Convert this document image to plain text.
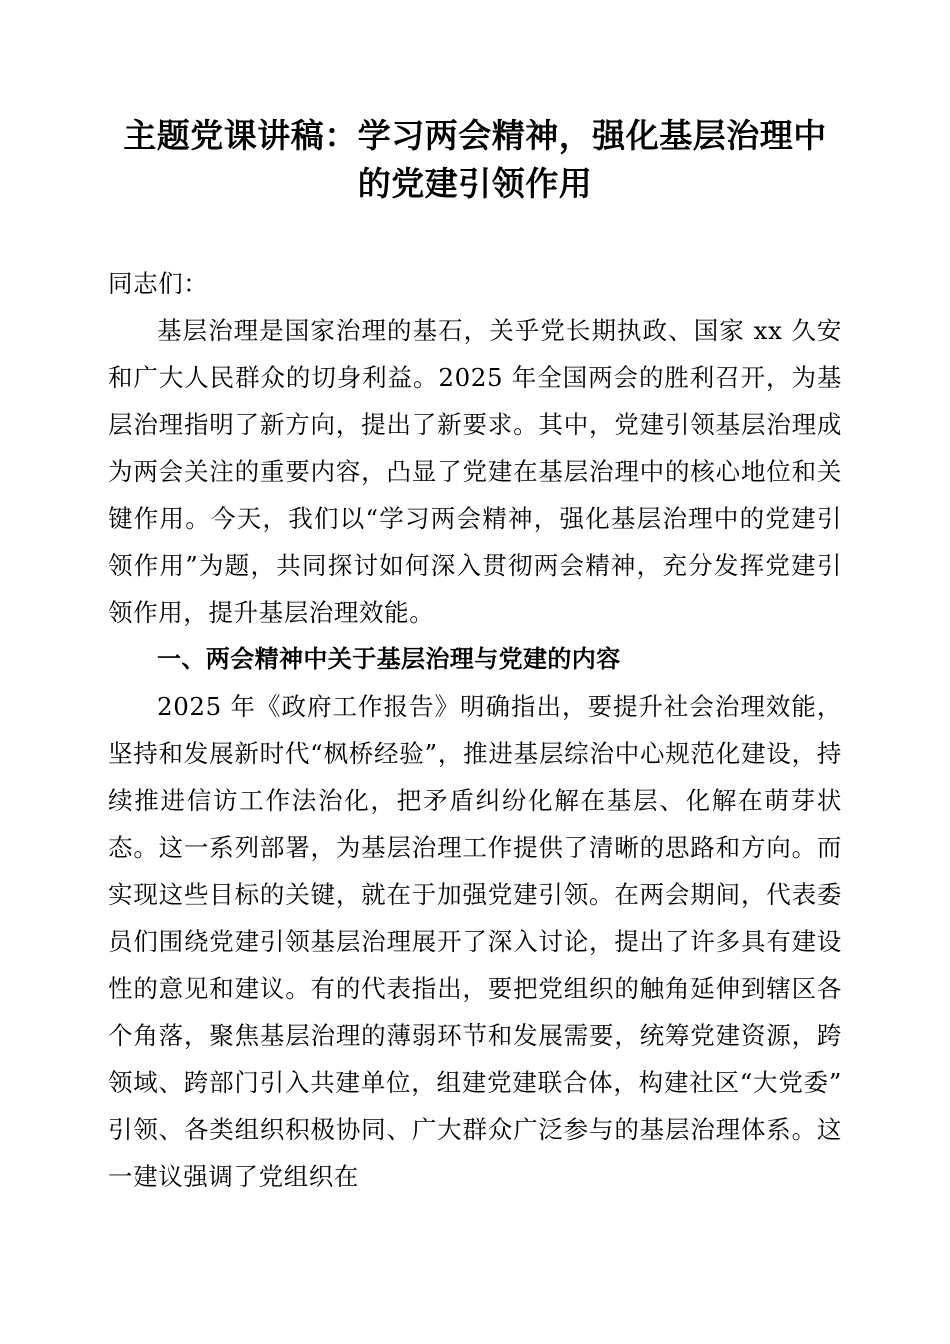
主题党课讲稿：学习两会精神，强化基层治理中的党建引领作用

同志们：

基层治理是国家治理的基石，关乎党长期执政、国家 xx 久安和广大人民群众的切身利益。2025 年全国两会的胜利召开，为基层治理指明了新方向，提出了新要求。其中，党建引领基层治理成为两会关注的重要内容，凸显了党建在基层治理中的核心地位和关键作用。今天，我们以“学习两会精神，强化基层治理中的党建引领作用”为题，共同探讨如何深入贯彻两会精神，充分发挥党建引领作用，提升基层治理效能。

一、两会精神中关于基层治理与党建的内容

2025 年《政府工作报告》明确指出，要提升社会治理效能，坚持和发展新时代“枫桥经验”，推进基层综治中心规范化建设，持续推进信访工作法治化，把矛盾纠纷化解在基层、化解在萌芽状态。这一系列部署，为基层治理工作提供了清晰的思路和方向。而实现这些目标的关键，就在于加强党建引领。在两会期间，代表委员们围绕党建引领基层治理展开了深入讨论，提出了许多具有建设性的意见和建议。有的代表指出，要把党组织的触角延伸到辖区各个角落，聚焦基层治理的薄弱环节和发展需要，统筹党建资源，跨领域、跨部门引入共建单位，组建党建联合体，构建社区“大党委”引领、各类组织积极协同、广大群众广泛参与的基层治理体系。这一建议强调了党组织在
